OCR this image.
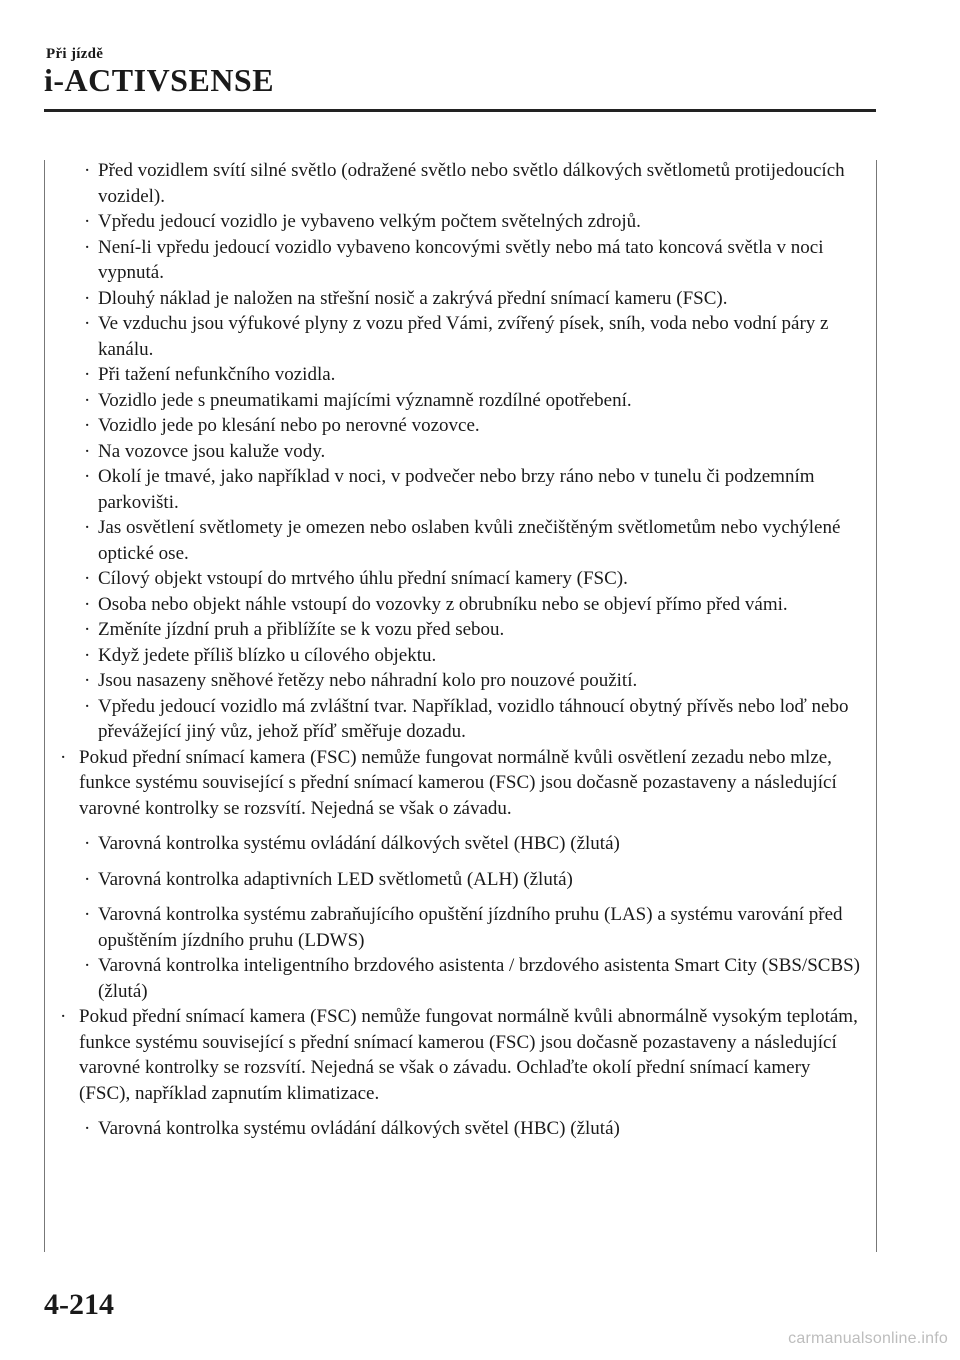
Při jízdě
i-ACTIVSENSE
· Před vozidlem svítí silné světlo (odražené světlo nebo světlo dálkových světlometů protijedoucích vozidel).
· Vpředu jedoucí vozidlo je vybaveno velkým počtem světelných zdrojů.
· Není-li vpředu jedoucí vozidlo vybaveno koncovými světly nebo má tato koncová světla v noci vypnutá.
· Dlouhý náklad je naložen na střešní nosič a zakrývá přední snímací kameru (FSC).
· Ve vzduchu jsou výfukové plyny z vozu před Vámi, zvířený písek, sníh, voda nebo vodní páry z kanálu.
· Při tažení nefunkčního vozidla.
· Vozidlo jede s pneumatikami majícími významně rozdílné opotřebení.
· Vozidlo jede po klesání nebo po nerovné vozovce.
· Na vozovce jsou kaluže vody.
· Okolí je tmavé, jako například v noci, v podvečer nebo brzy ráno nebo v tunelu či podzemním parkovišti.
· Jas osvětlení světlomety je omezen nebo oslaben kvůli znečištěným světlometům nebo vychýlené optické ose.
· Cílový objekt vstoupí do mrtvého úhlu přední snímací kamery (FSC).
· Osoba nebo objekt náhle vstoupí do vozovky z obrubníku nebo se objeví přímo před vámi.
· Změníte jízdní pruh a přiblížíte se k vozu před sebou.
· Když jedete příliš blízko u cílového objektu.
· Jsou nasazeny sněhové řetězy nebo náhradní kolo pro nouzové použití.
· Vpředu jedoucí vozidlo má zvláštní tvar. Například, vozidlo táhnoucí obytný přívěs nebo loď nebo převážející jiný vůz, jehož příď směřuje dozadu.
· Pokud přední snímací kamera (FSC) nemůže fungovat normálně kvůli osvětlení zezadu nebo mlze, funkce systému související s přední snímací kamerou (FSC) jsou dočasně pozastaveny a následující varovné kontrolky se rozsvítí. Nejedná se však o závadu.
· Varovná kontrolka systému ovládání dálkových světel (HBC) (žlutá)
· Varovná kontrolka adaptivních LED světlometů (ALH) (žlutá)
· Varovná kontrolka systému zabraňujícího opuštění jízdního pruhu (LAS) a systému varování před opuštěním jízdního pruhu (LDWS)
· Varovná kontrolka inteligentního brzdového asistenta / brzdového asistenta Smart City (SBS/SCBS) (žlutá)
· Pokud přední snímací kamera (FSC) nemůže fungovat normálně kvůli abnormálně vysokým teplotám, funkce systému související s přední snímací kamerou (FSC) jsou dočasně pozastaveny a následující varovné kontrolky se rozsvítí. Nejedná se však o závadu. Ochlaďte okolí přední snímací kamery (FSC), například zapnutím klimatizace.
· Varovná kontrolka systému ovládání dálkových světel (HBC) (žlutá)
4-214
carmanualsonline.info
